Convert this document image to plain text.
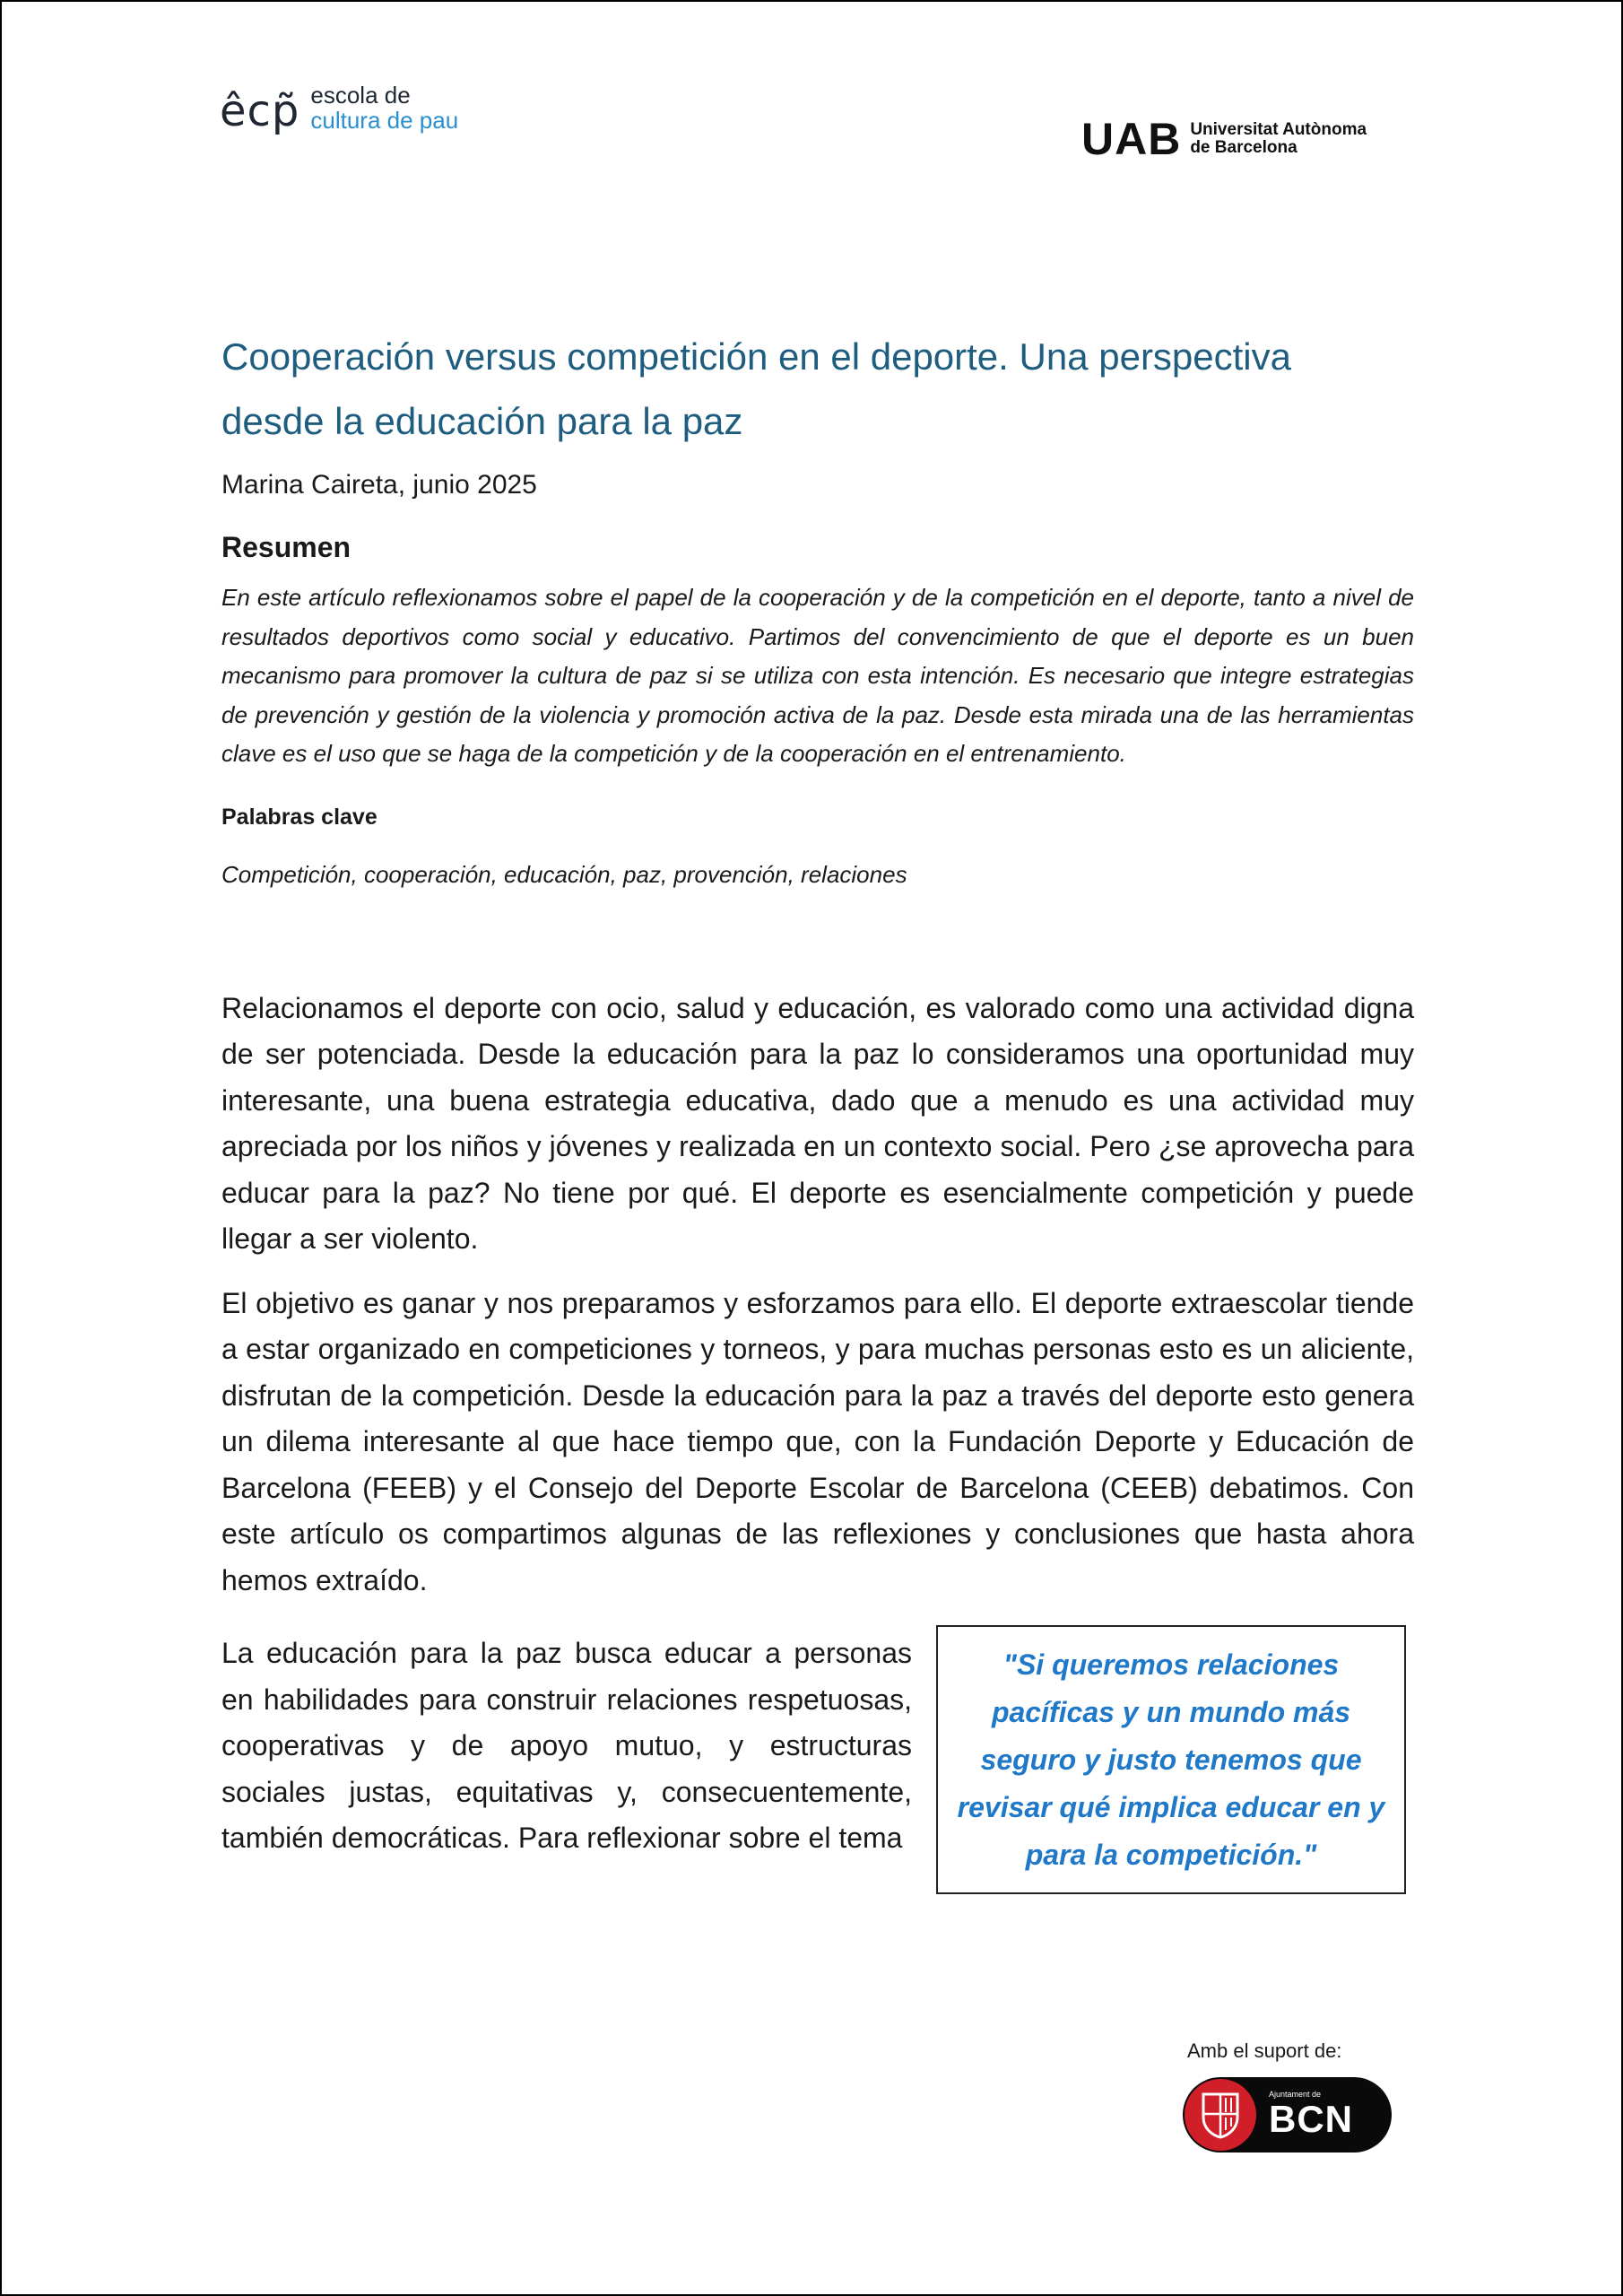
êcp̃ escola de
cultura de pau	UAB Universitat Autònoma
de Barcelona
Cooperación versus competición en el deporte. Una perspectiva
desde la educación para la paz
Marina Caireta, junio 2025
Resumen
En este artículo reflexionamos sobre el papel de la cooperación y de la competición en el deporte, tanto a nivel de resultados deportivos como social y educativo. Partimos del convencimiento de que el deporte es un buen mecanismo para promover la cultura de paz si se utiliza con esta intención. Es necesario que integre estrategias de prevención y gestión de la violencia y promoción activa de la paz. Desde esta mirada una de las herramientas clave es el uso que se haga de la competición y de la cooperación en el entrenamiento.
Palabras clave
Competición, cooperación, educación, paz, provención, relaciones

Relacionamos el deporte con ocio, salud y educación, es valorado como una actividad digna de ser potenciada. Desde la educación para la paz lo consideramos una oportunidad muy interesante, una buena estrategia educativa, dado que a menudo es una actividad muy apreciada por los niños y jóvenes y realizada en un contexto social. Pero ¿se aprovecha para educar para la paz? No tiene por qué. El deporte es esencialmente competición y puede llegar a ser violento.

El objetivo es ganar y nos preparamos y esforzamos para ello. El deporte extraescolar tiende a estar organizado en competiciones y torneos, y para muchas personas esto es un aliciente, disfrutan de la competición. Desde la educación para la paz a través del deporte esto genera un dilema interesante al que hace tiempo que, con la Fundación Deporte y Educación de Barcelona (FEEB) y el Consejo del Deporte Escolar de Barcelona (CEEB) debatimos. Con este artículo os compartimos algunas de las reflexiones y conclusiones que hasta ahora hemos extraído.

La educación para la paz busca educar a personas en habilidades para construir relaciones respetuosas, cooperativas y de apoyo mutuo, y estructuras sociales justas, equitativas y, consecuentemente, también democráticas. Para reflexionar sobre el tema
"Si queremos relaciones pacíficas y un mundo más seguro y justo tenemos que revisar qué implica educar en y para la competición."
Amb el suport de:
Ajuntament de
BCN
